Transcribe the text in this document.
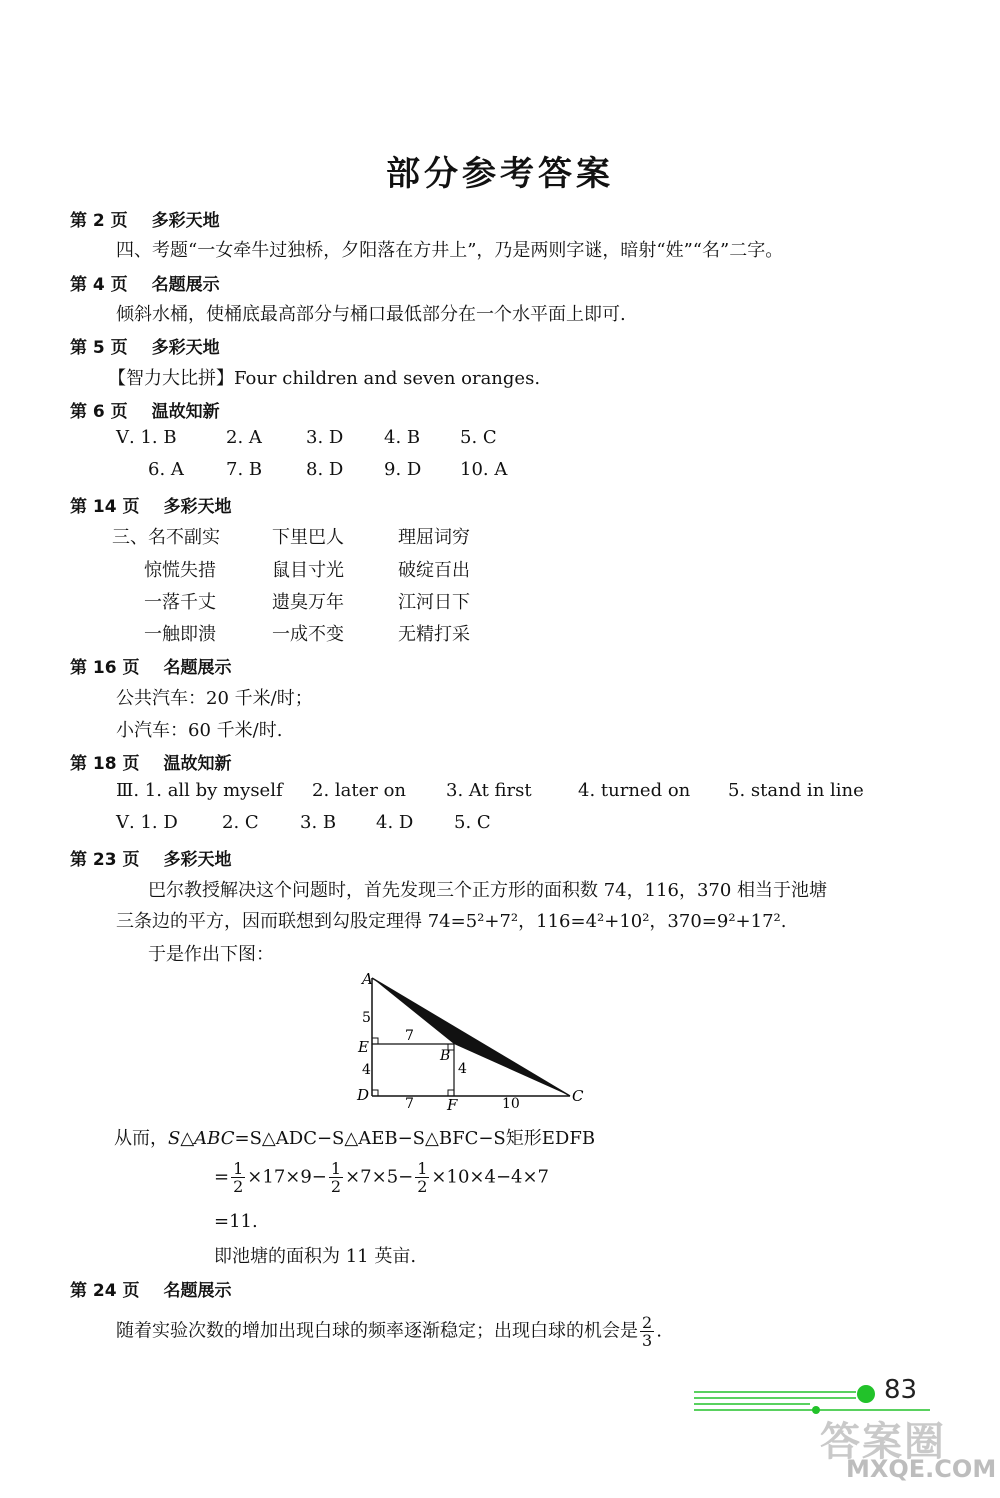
部分参考答案
第 2 页 多彩天地
四、考题“一女牵牛过独桥，夕阳落在方井上”，乃是两则字谜，暗射“姓”“名”二字。
第 4 页 名题展示
倾斜水桶，使桶底最高部分与桶口最低部分在一个水平面上即可.
第 5 页 多彩天地
【智力大比拼】Four children and seven oranges.
第 6 页 温故知新
Ⅴ. 1. B	2. A 3. D 4. B 5. C
6. A 7. B 8. D 9. D 10. A
第 14 页 多彩天地
三、名不副实	下里巴人	理屈词穷
惊慌失措	鼠目寸光	破绽百出
一落千丈	遗臭万年	江河日下
一触即溃	一成不变	无精打采
第 16 页 名题展示
公共汽车：20 千米/时；
小汽车：60 千米/时.
第 18 页 温故知新
Ⅲ. 1. all by myself 2. later on 3. At first	4. turned on 5. stand in line
Ⅴ. 1. D 2. C 3. B 4. D 5. C
第 23 页 多彩天地
巴尔教授解决这个问题时，首先发现三个正方形的面积数 74，116，370 相当于池塘
三条边的平方，因而联想到勾股定理得 74=5²+7²，116=4²+10²，370=9²+17².
于是作出下图：
A
E
D
B
F	C
5
7
4	4
7	10
从而，S△ABC=S△ADC−S△AEB−S△BFC−S矩形EDFB
= $\frac{1}{2} \times 17\times 9- \frac{1}{2} \times 7\times 5- \frac{1}{2} \times 10\times 4-4\times 7$
=11.
即池塘的面积为 11 英亩.
第 24 页 名题展示
随着实验次数的增加出现白球的频率逐渐稳定；出现白球的机会是 $\frac{2}{3}$ .
83
答案圈
MXQE.COM
